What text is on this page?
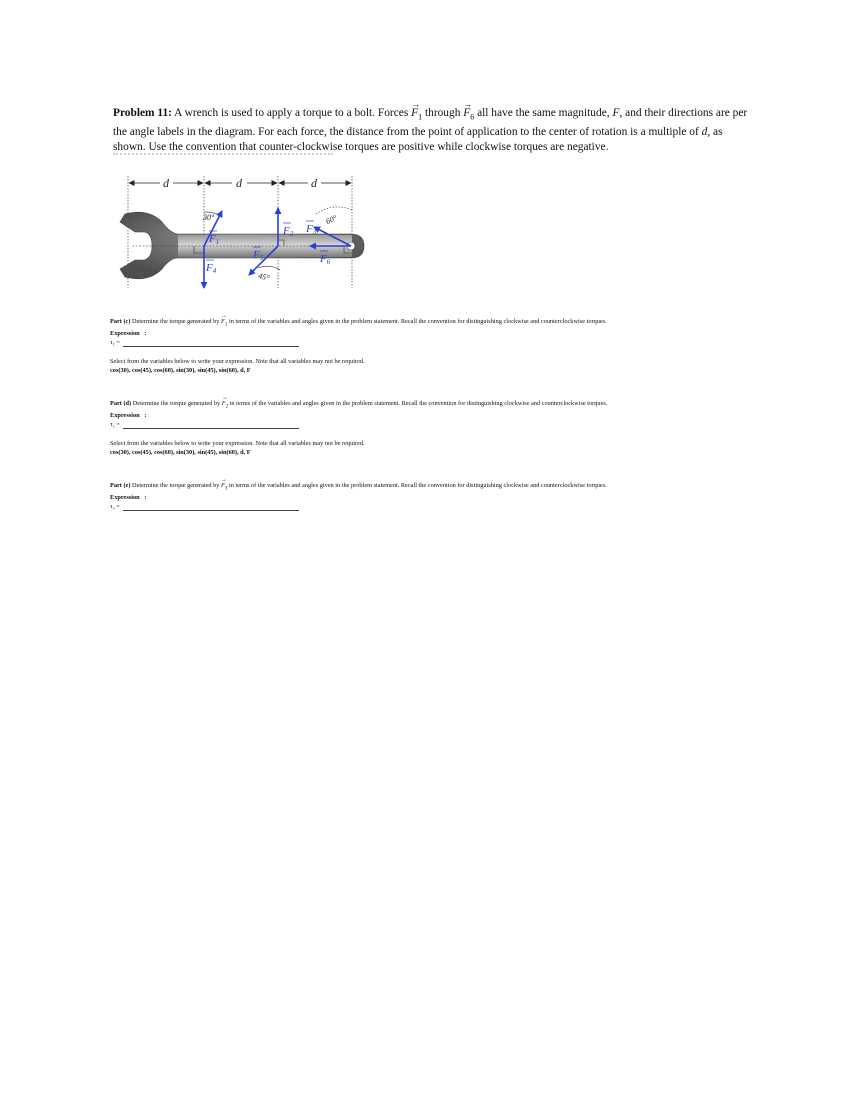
Problem 11: A wrench is used to apply a torque to a bolt. Forces → $F_1$ through → $F_6$ all have the same magnitude, F, and their directions are per the angle labels in the diagram. For each force, the distance from the point of application to the center of rotation is a multiple of d, as shown. Use the convention that counter-clockwise torques are positive while clockwise torques are negative.
d	d	d
30°	60°
45°
F1
F4
F2
F5
F3
F6
Part (c) Determine the torque generated by → $F_1$ in terms of the variables and angles given in the problem statement. Recall the convention for distinguishing clockwise and counterclockwise torques.
Expression :
τ₁ =
Select from the variables below to write your expression. Note that all variables may not be required.
cos(30), cos(45), cos(60), sin(30), sin(45), sin(60), d, F
Part (d) Determine the torque generated by → $F_2$ in terms of the variables and angles given in the problem statement. Recall the convention for distinguishing clockwise and counterclockwise torques.
Expression :
τ₂ =
Select from the variables below to write your expression. Note that all variables may not be required.
cos(30), cos(45), cos(60), sin(30), sin(45), sin(60), d, F
Part (e) Determine the torque generated by → $F_3$ in terms of the variables and angles given in the problem statement. Recall the convention for distinguishing clockwise and counterclockwise torques.
Expression :
τ₃ =
